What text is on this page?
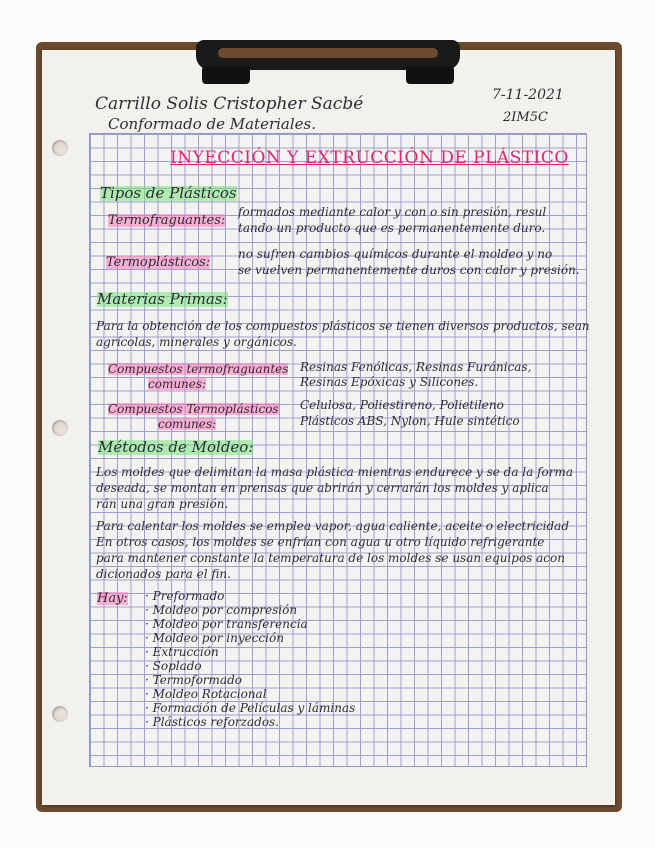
Carrillo Solis Cristopher Sacbé	7-11-2021
Conformado de Materiales.	2IM5C
INYECCIÓN Y EXTRUCCIÓN DE PLÁSTICO
Tipos de Plásticos
Termofraguantes:
formados mediante calor y con o sin presión, resul
tando un producto que es permanentemente duro.
Termoplásticos:
no sufren cambios químicos durante el moldeo y no
se vuelven permanentemente duros con calor y presión.
Materias Primas:
Para la obtención de los compuestos plásticos se tienen diversos productos, sean
agrícolas, minerales y orgánicos.
Compuestos termofraguantes
comunes:
Resinas Fenólicas, Resinas Furánicas,
Resinas Epóxicas y Silicones.
Compuestos Termoplásticos
comunes:
Celulosa, Poliestireno, Polietileno
Plásticos ABS, Nylon, Hule sintético
Métodos de Moldeo:
Los moldes que delimitan la masa plástica mientras endurece y se da la forma
deseada, se montan en prensas que abrirán y cerrarán los moldes y aplica
rán una gran presión.
Para calentar los moldes se emplea vapor, agua caliente, aceite o electricidad
En otros casos, los moldes se enfrían con agua u otro líquido refrigerante
para mantener constante la temperatura de los moldes se usan equipos acon
dicionados para el fin.
Hay: · Preformado
· Moldeo por compresión
· Moldeo por transferencia
· Moldeo por inyección
· Extrucción
· Soplado
· Termoformado
· Moldeo Rotacional
· Formación de Películas y láminas
· Plásticos reforzados.
